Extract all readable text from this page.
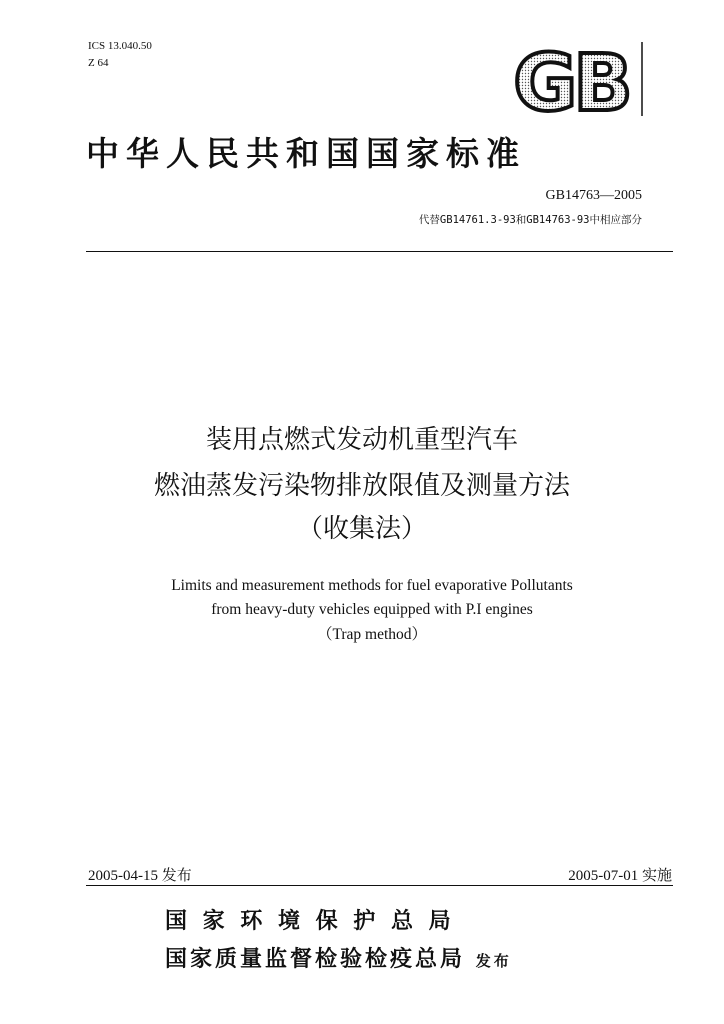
ICS 13.040.50
Z 64	GB
中华人民共和国国家标准
GB14763—2005
代替GB14761.3-93和GB14763-93中相应部分
装用点燃式发动机重型汽车
燃油蒸发污染物排放限值及测量方法
（收集法）
Limits and measurement methods for fuel evaporative Pollutants
from heavy-duty vehicles equipped with P.I engines
（Trap method）
2005-04-15 发布	2005-07-01 实施
国 家 环 境 保 护 总 局
国家质量监督检验检疫总局 发布
